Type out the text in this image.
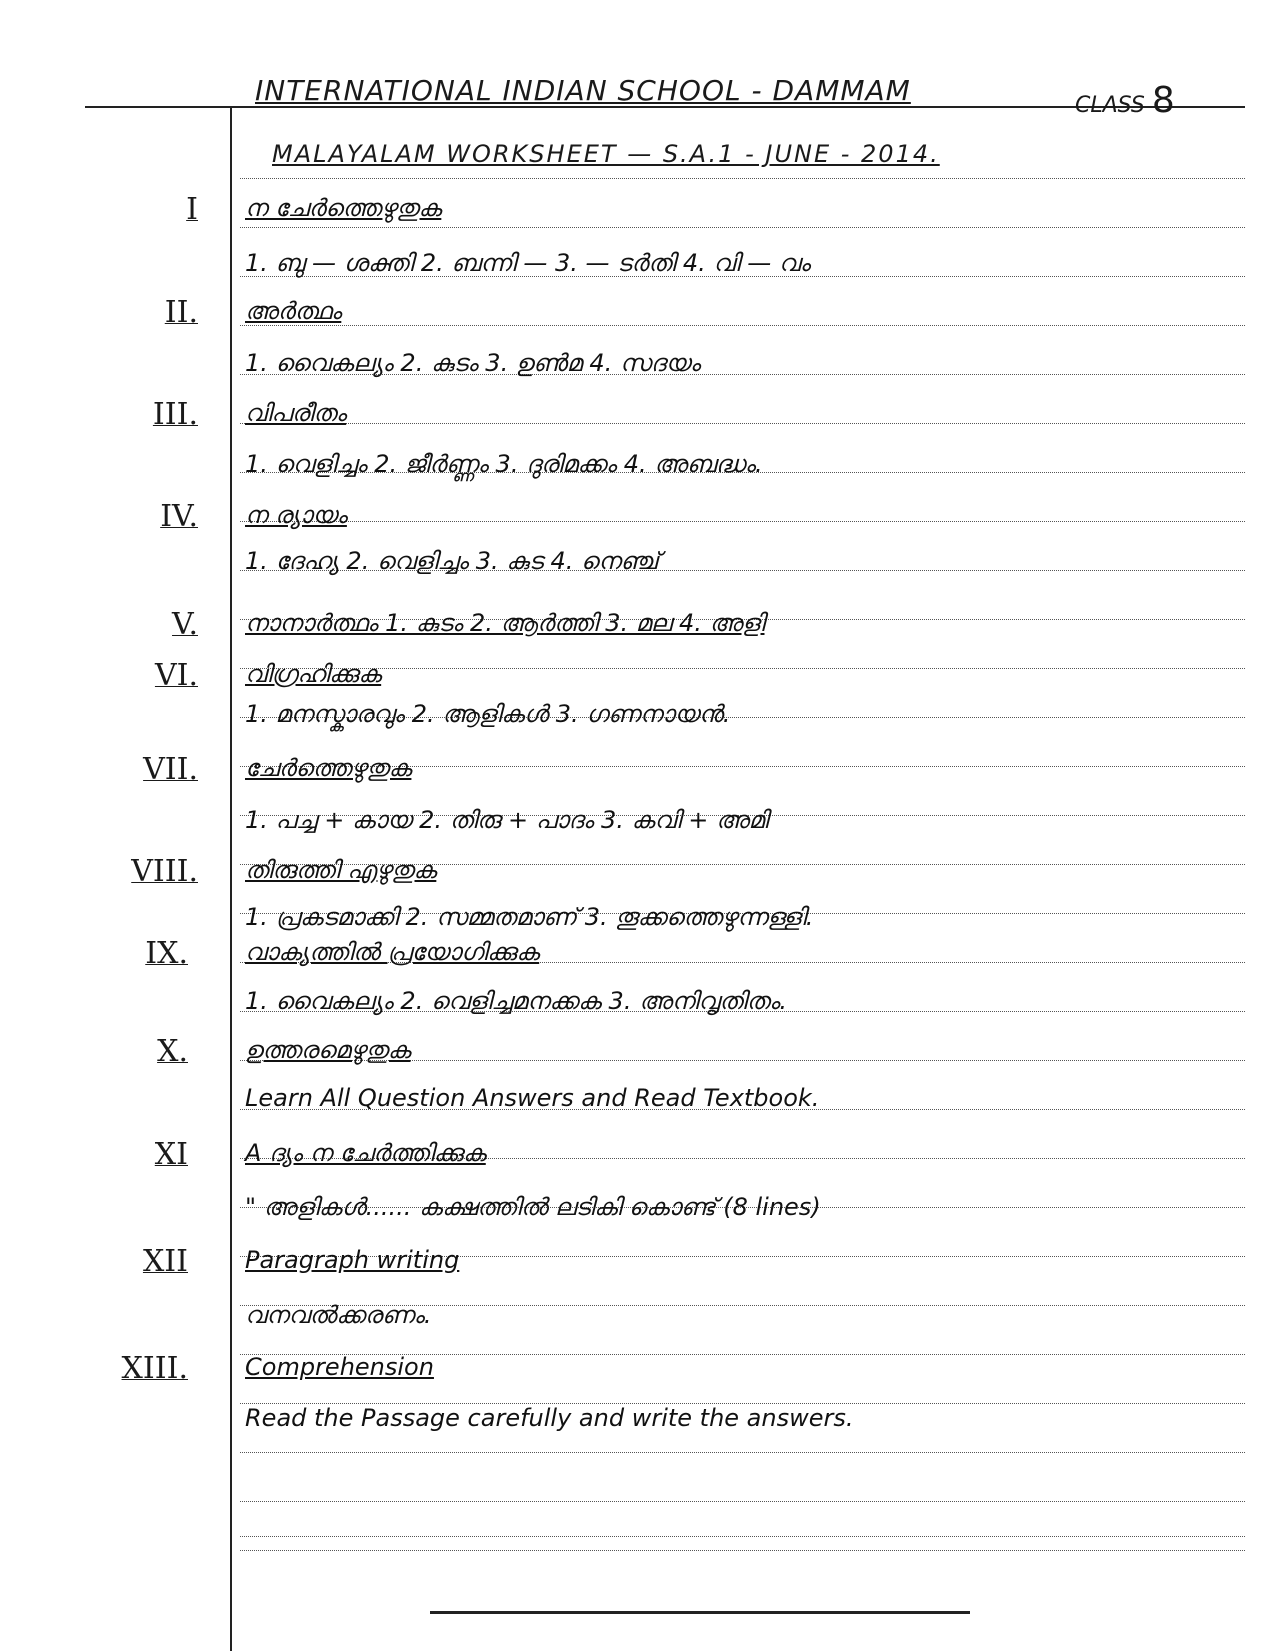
INTERNATIONAL INDIAN SCHOOL - DAMMAM	CLASS 8
MALAYALAM WORKSHEET — S.A.1 - JUNE - 2014.
I ന ചേർത്തെഴുതുക
1. ബു — ശക്തി 2. ബന്നി — 3. — ടർതി 4. വി — വം
II. അർത്ഥം
1. വൈകല്യം 2. കുടം 3. ഉൺമ 4. സദയം
III. വിപരീതം
1. വെളിച്ചം 2. ജീർണ്ണം 3. ദുരിമക്കം 4. അബദ്ധം.
IV. ന ര്യായം
1. ദേഹ്യ 2. വെളിച്ചം 3. കുട 4. നെഞ്ച്
V. നാനാർത്ഥം 1. കുടം 2. ആർത്തി 3. മല 4. അളി
VI. വിഗ്രഹിക്കുക
1. മനസ്കാരവും 2. ആളികൾ 3. ഗണനായൻ.
VII. ചേർത്തെഴുതുക
1. പച്ച + കായ 2. തിരു + പാദം 3. കവി + അമി
VIII. തിരുത്തി എഴുതുക
1. പ്രകടമാക്കി 2. സമ്മതമാണ് 3. തൂക്കത്തെഴുന്നള്ളി.
IX. വാക്യത്തിൽ പ്രയോഗിക്കുക
1. വൈകല്യം 2. വെളിച്ചമനക്കക 3. അനിവൃതിതം.
X. ഉത്തരമെഴുതുക
Learn All Question Answers and Read Textbook.
XI A ദ്യം ന ചേർത്തിക്കുക
" അളികൾ...... കക്ഷത്തിൽ ലടികി കൊണ്ട് (8 lines)
XII Paragraph writing
വനവൽക്കരണം.
XIII. Comprehension
Read the Passage carefully and write the answers.
